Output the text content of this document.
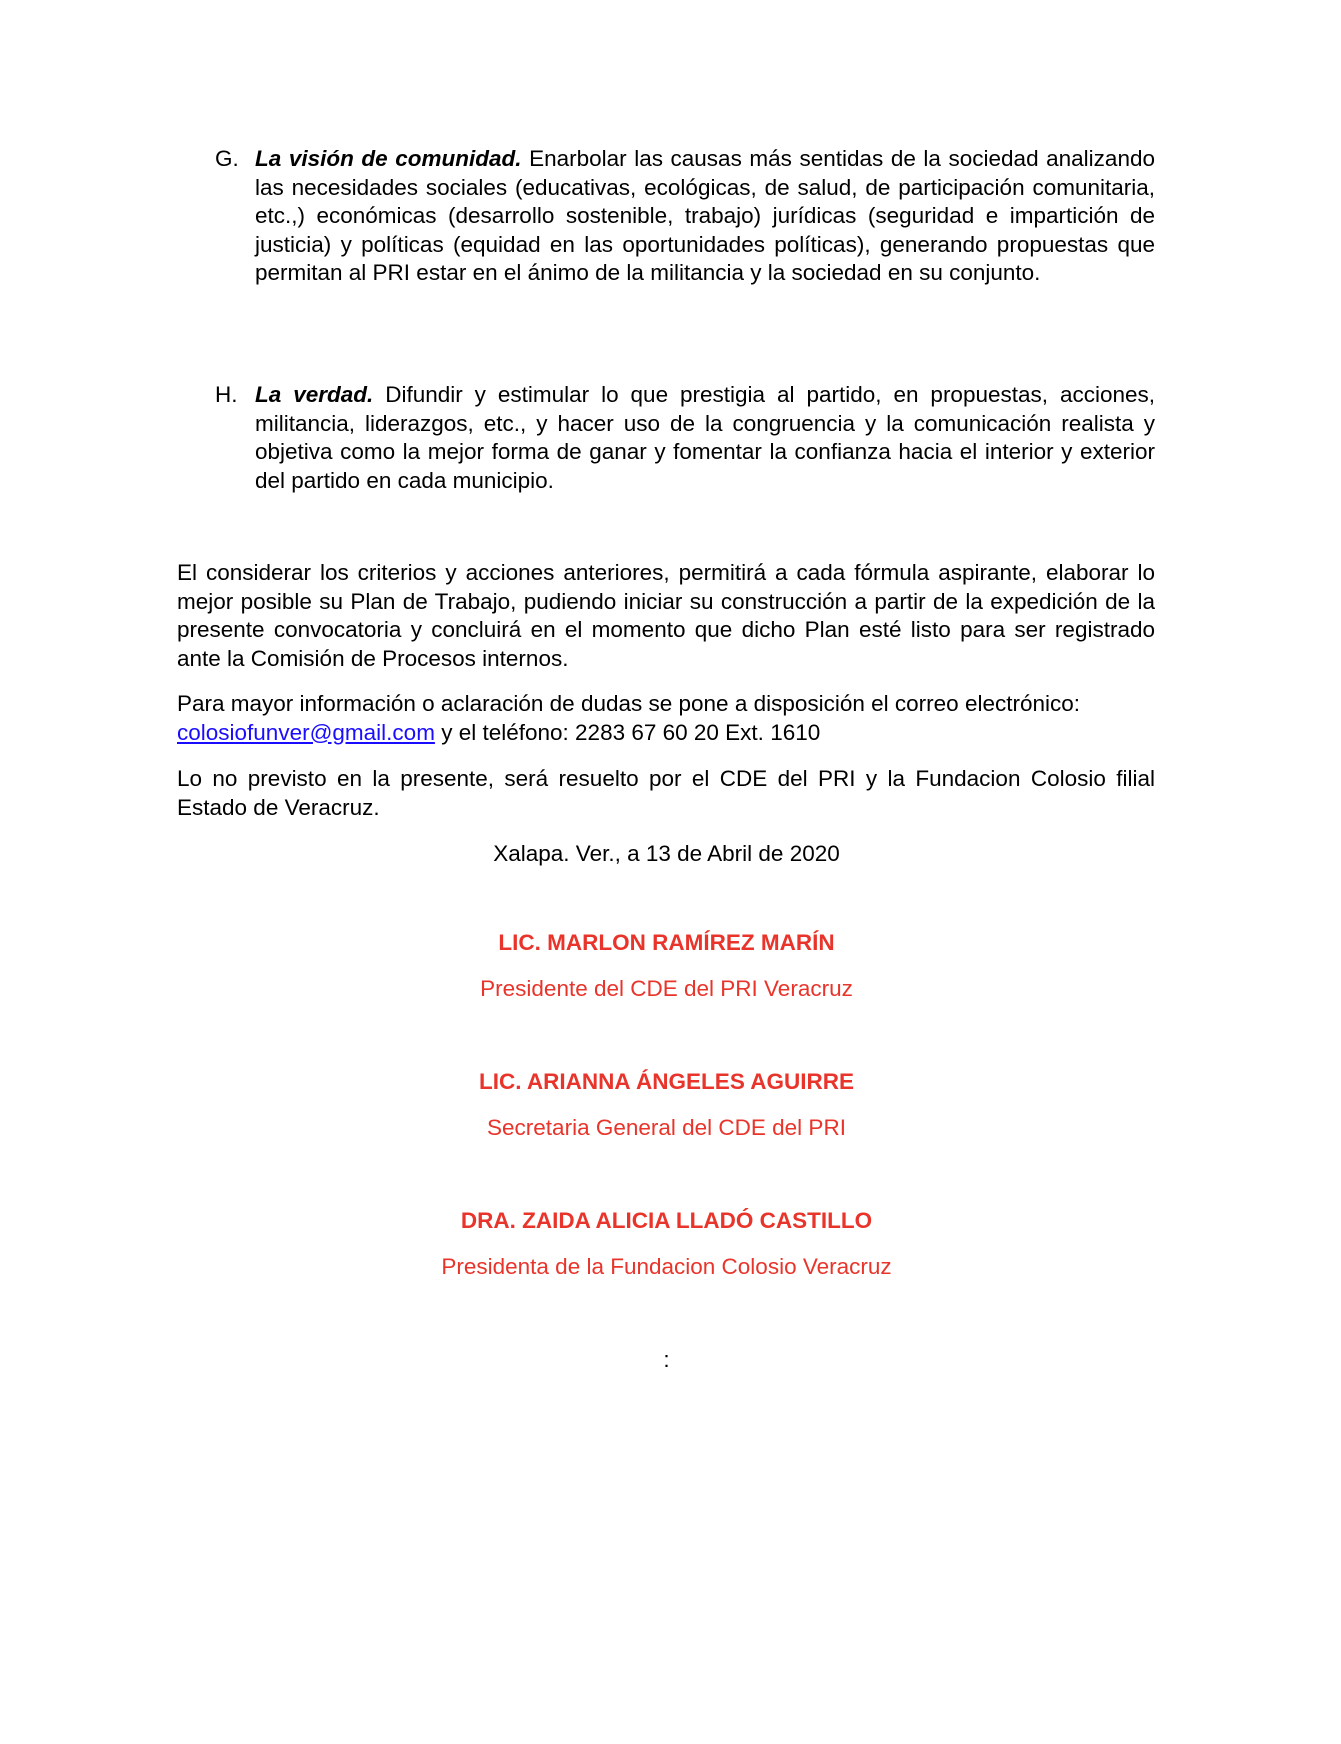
G. La visión de comunidad. Enarbolar las causas más sentidas de la sociedad analizando las necesidades sociales (educativas, ecológicas, de salud, de participación comunitaria, etc.,) económicas (desarrollo sostenible, trabajo) jurídicas (seguridad e impartición de justicia) y políticas (equidad en las oportunidades políticas), generando propuestas que permitan al PRI estar en el ánimo de la militancia y la sociedad en su conjunto.
H. La verdad. Difundir y estimular lo que prestigia al partido, en propuestas, acciones, militancia, liderazgos, etc., y hacer uso de la congruencia y la comunicación realista y objetiva como la mejor forma de ganar y fomentar la confianza hacia el interior y exterior del partido en cada municipio.

El considerar los criterios y acciones anteriores, permitirá a cada fórmula aspirante, elaborar lo mejor posible su Plan de Trabajo, pudiendo iniciar su construcción a partir de la expedición de la presente convocatoria y concluirá en el momento que dicho Plan esté listo para ser registrado ante la Comisión de Procesos internos.

Para mayor información o aclaración de dudas se pone a disposición el correo electrónico:
colosiofunver@gmail.com y el teléfono: 2283 67 60 20 Ext. 1610

Lo no previsto en la presente, será resuelto por el CDE del PRI y la Fundacion Colosio filial Estado de Veracruz.

Xalapa. Ver., a 13 de Abril de 2020
LIC. MARLON RAMÍREZ MARÍN
Presidente del CDE del PRI Veracruz
LIC. ARIANNA ÁNGELES AGUIRRE
Secretaria General del CDE del PRI
DRA. ZAIDA ALICIA LLADÓ CASTILLO
Presidenta de la Fundacion Colosio Veracruz
:
